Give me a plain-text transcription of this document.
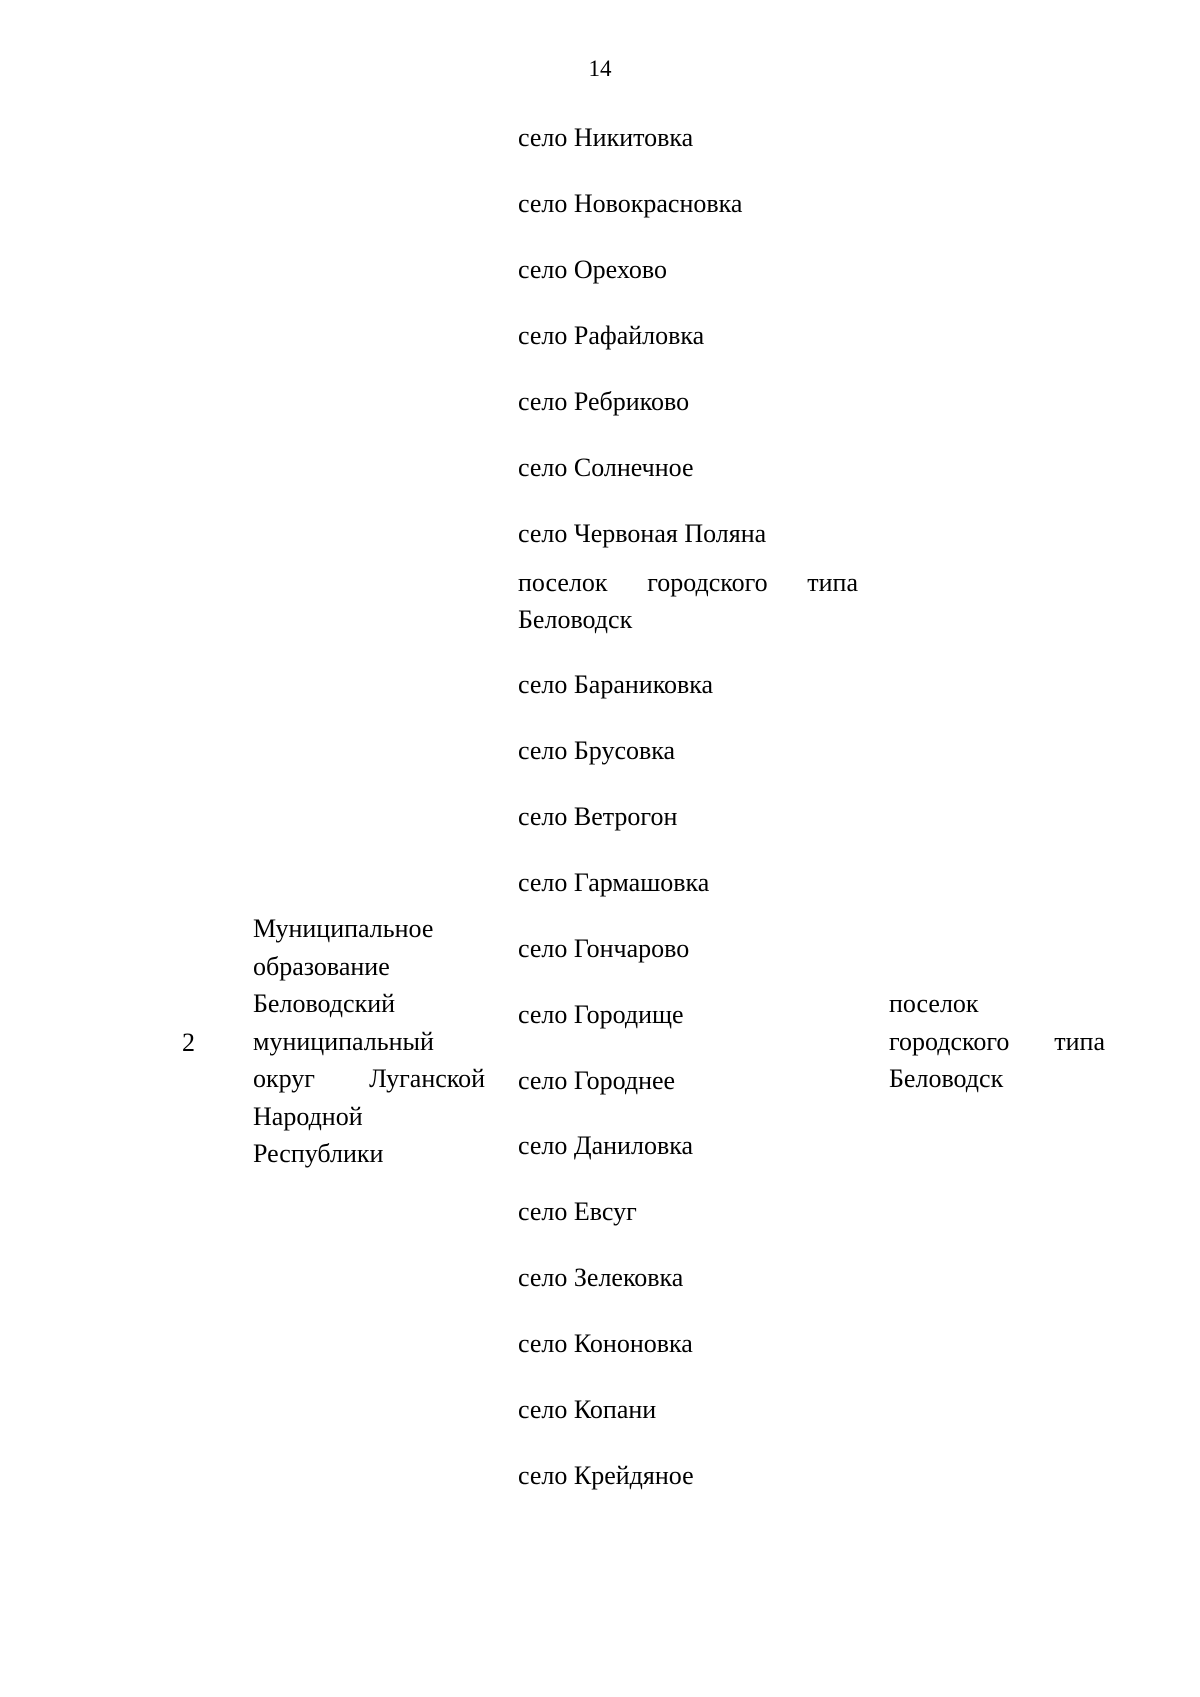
14
2
Муниципальное
образование
Беловодский
муниципальный
округ Луганской
Народной
Республики
село Никитовка
село Новокрасновка
село Орехово
село Рафайловка
село Ребриково
село Солнечное
село Червоная Поляна
поселок городского типа Беловодск
село Бараниковка
село Брусовка
село Ветрогон
село Гармашовка
село Гончарово
село Городище
село Городнее
село Даниловка
село Евсуг
село Зелековка
село Кононовка
село Копани
село Крейдяное
поселок
городского типа
Беловодск
